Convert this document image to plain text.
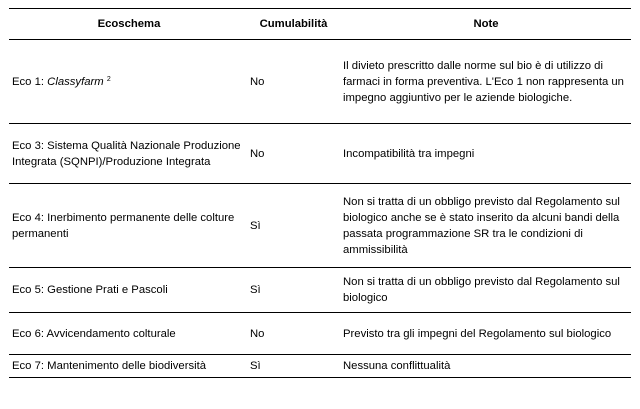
Ecoschema	Cumulabilità	Note
Eco 1: Classyfarm $^2$	No	Il divieto prescritto dalle norme sul bio è di utilizzo di farmaci in forma preventiva. L'Eco 1 non rappresenta un impegno aggiuntivo per le aziende biologiche.
Eco 3: Sistema Qualità Nazionale Produzione Integrata (SQNPI)/Produzione Integrata	No	Incompatibilità tra impegni
Eco 4: Inerbimento permanente delle colture permanenti	Sì	Non si tratta di un obbligo previsto dal Regolamento sul biologico anche se è stato inserito da alcuni bandi della passata programmazione SR tra le condizioni di ammissibilità
Eco 5: Gestione Prati e Pascoli	Sì	Non si tratta di un obbligo previsto dal Regolamento sul biologico
Eco 6: Avvicendamento colturale	No	Previsto tra gli impegni del Regolamento sul biologico
Eco 7: Mantenimento delle biodiversità	Sì	Nessuna conflittualità
